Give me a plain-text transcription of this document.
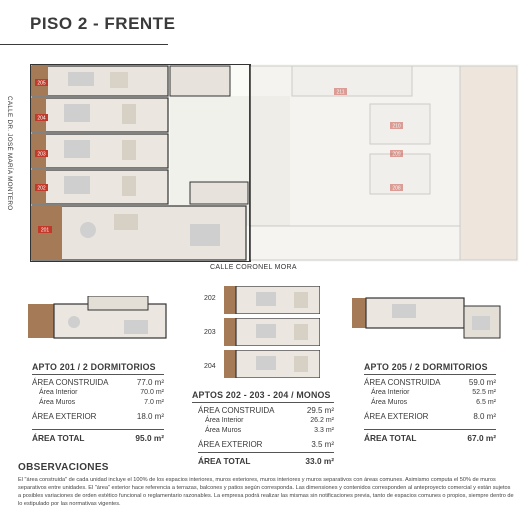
PISO 2 - FRENTE
205
204
203
202
201
211
210
209
208
CALLE DR. JOSÉ MARÍA MONTERO
CALLE CORONEL MORA
202
203
204
APTO 201 / 2 DORMITORIOS
ÁREA CONSTRUIDA	77.0 m²
Área Interior	70.0 m²
Área Muros	7.0 m²
ÁREA EXTERIOR	18.0 m²
ÁREA TOTAL	95.0 m²
APTOS 202 - 203 - 204 / MONOS
ÁREA CONSTRUIDA	29.5 m²
Área Interior	26.2 m²
Área Muros	3.3 m²
ÁREA EXTERIOR	3.5 m²
ÁREA TOTAL	33.0 m²
APTO 205 / 2 DORMITORIOS
ÁREA CONSTRUIDA	59.0 m²
Área Interior	52.5 m²
Área Muros	6.5 m²
ÁREA EXTERIOR	8.0 m²
ÁREA TOTAL	67.0 m²
OBSERVACIONES
El "área construida" de cada unidad incluye el 100% de los espacios interiores, muros exteriores, muros interiores y muros separativos con áreas comunes. Asimismo computa el 50% de muros separativos entre unidades. El "área" exterior hace referencia a terrazas, balcones y patios según corresponda. Las dimensiones y contenidos corresponden al anteproyecto comercial y están sujetos a posibles variaciones de orden estético funcional o reglamentario razonables. La empresa podrá realizar las mismas sin notificaciones previa, tanto de espacios comunes o propios, siempre dentro de lo estipulado por las normativas vigentes.
